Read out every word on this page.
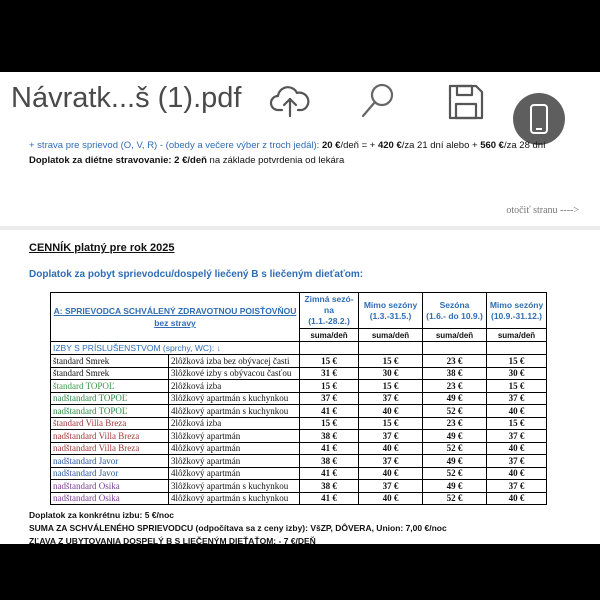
Návratk...š (1).pdf
+ strava pre sprievod (O, V, R) - (obedy a večere výber z troch jedál): 20 €/deň = + 420 €/za 21 dní alebo + 560 €/za 28 dní
Doplatok za diétne stravovanie: 2 €/deň na základe potvrdenia od lekára
otočiť stranu ---->
CENNÍK platný pre rok 2025
Doplatok za pobyt sprievodcu/dospelý liečený B s liečeným dieťaťom:
A: SPRIEVODCA SCHVÁLENÝ ZDRAVOTNOU POISŤOVŇOU bez stravy		Zimná sezó-na
(1.1.-28.2.)	Mimo sezóny
(1.3.-31.5.)	Sezóna
(1.6.- do 10.9.)	Mimo sezóny
(10.9.-31.12.)
		suma/deň	suma/deň	suma/deň	suma/deň
IZBY S PRÍSLUŠENSTVOM (sprchy, WC): ↓					
štandard Smrek	2lôžková izba bez obývacej časti	15 €	15 €	23 €	15 €
štandard Smrek	3lôžkové izby s obývacou časťou	31 €	30 €	38 €	30 €
štandard TOPOĽ	2lôžková izba	15 €	15 €	23 €	15 €
nadštandard TOPOĽ	3lôžkový apartmán s kuchynkou	37 €	37 €	49 €	37 €
nadštandard TOPOĽ	4lôžkový apartmán s kuchynkou	41 €	40 €	52 €	40 €
štandard Villa Breza	2lôžková izba	15 €	15 €	23 €	15 €
nadštandard Villa Breza	3lôžkový apartmán	38 €	37 €	49 €	37 €
nadštandard Villa Breza	4lôžkový apartmán	41 €	40 €	52 €	40 €
nadštandard Javor	3lôžkový apartmán	38 €	37 €	49 €	37 €
nadštandard Javor	4lôžkový apartmán	41 €	40 €	52 €	40 €
nadštandard Osika	3lôžkový apartmán s kuchynkou	38 €	37 €	49 €	37 €
nadštandard Osika	4lôžkový apartmán s kuchynkou	41 €	40 €	52 €	40 €
Doplatok za konkrétnu izbu: 5 €/noc
SUMA ZA SCHVÁLENÉHO SPRIEVODCU (odpočítava sa z ceny izby): VšZP, DÔVERA, Union: 7,00 €/noc
ZĽAVA Z UBYTOVANIA DOSPELÝ B S LIEČENÝM DIEŤAŤOM: - 7 €/DEŇ
